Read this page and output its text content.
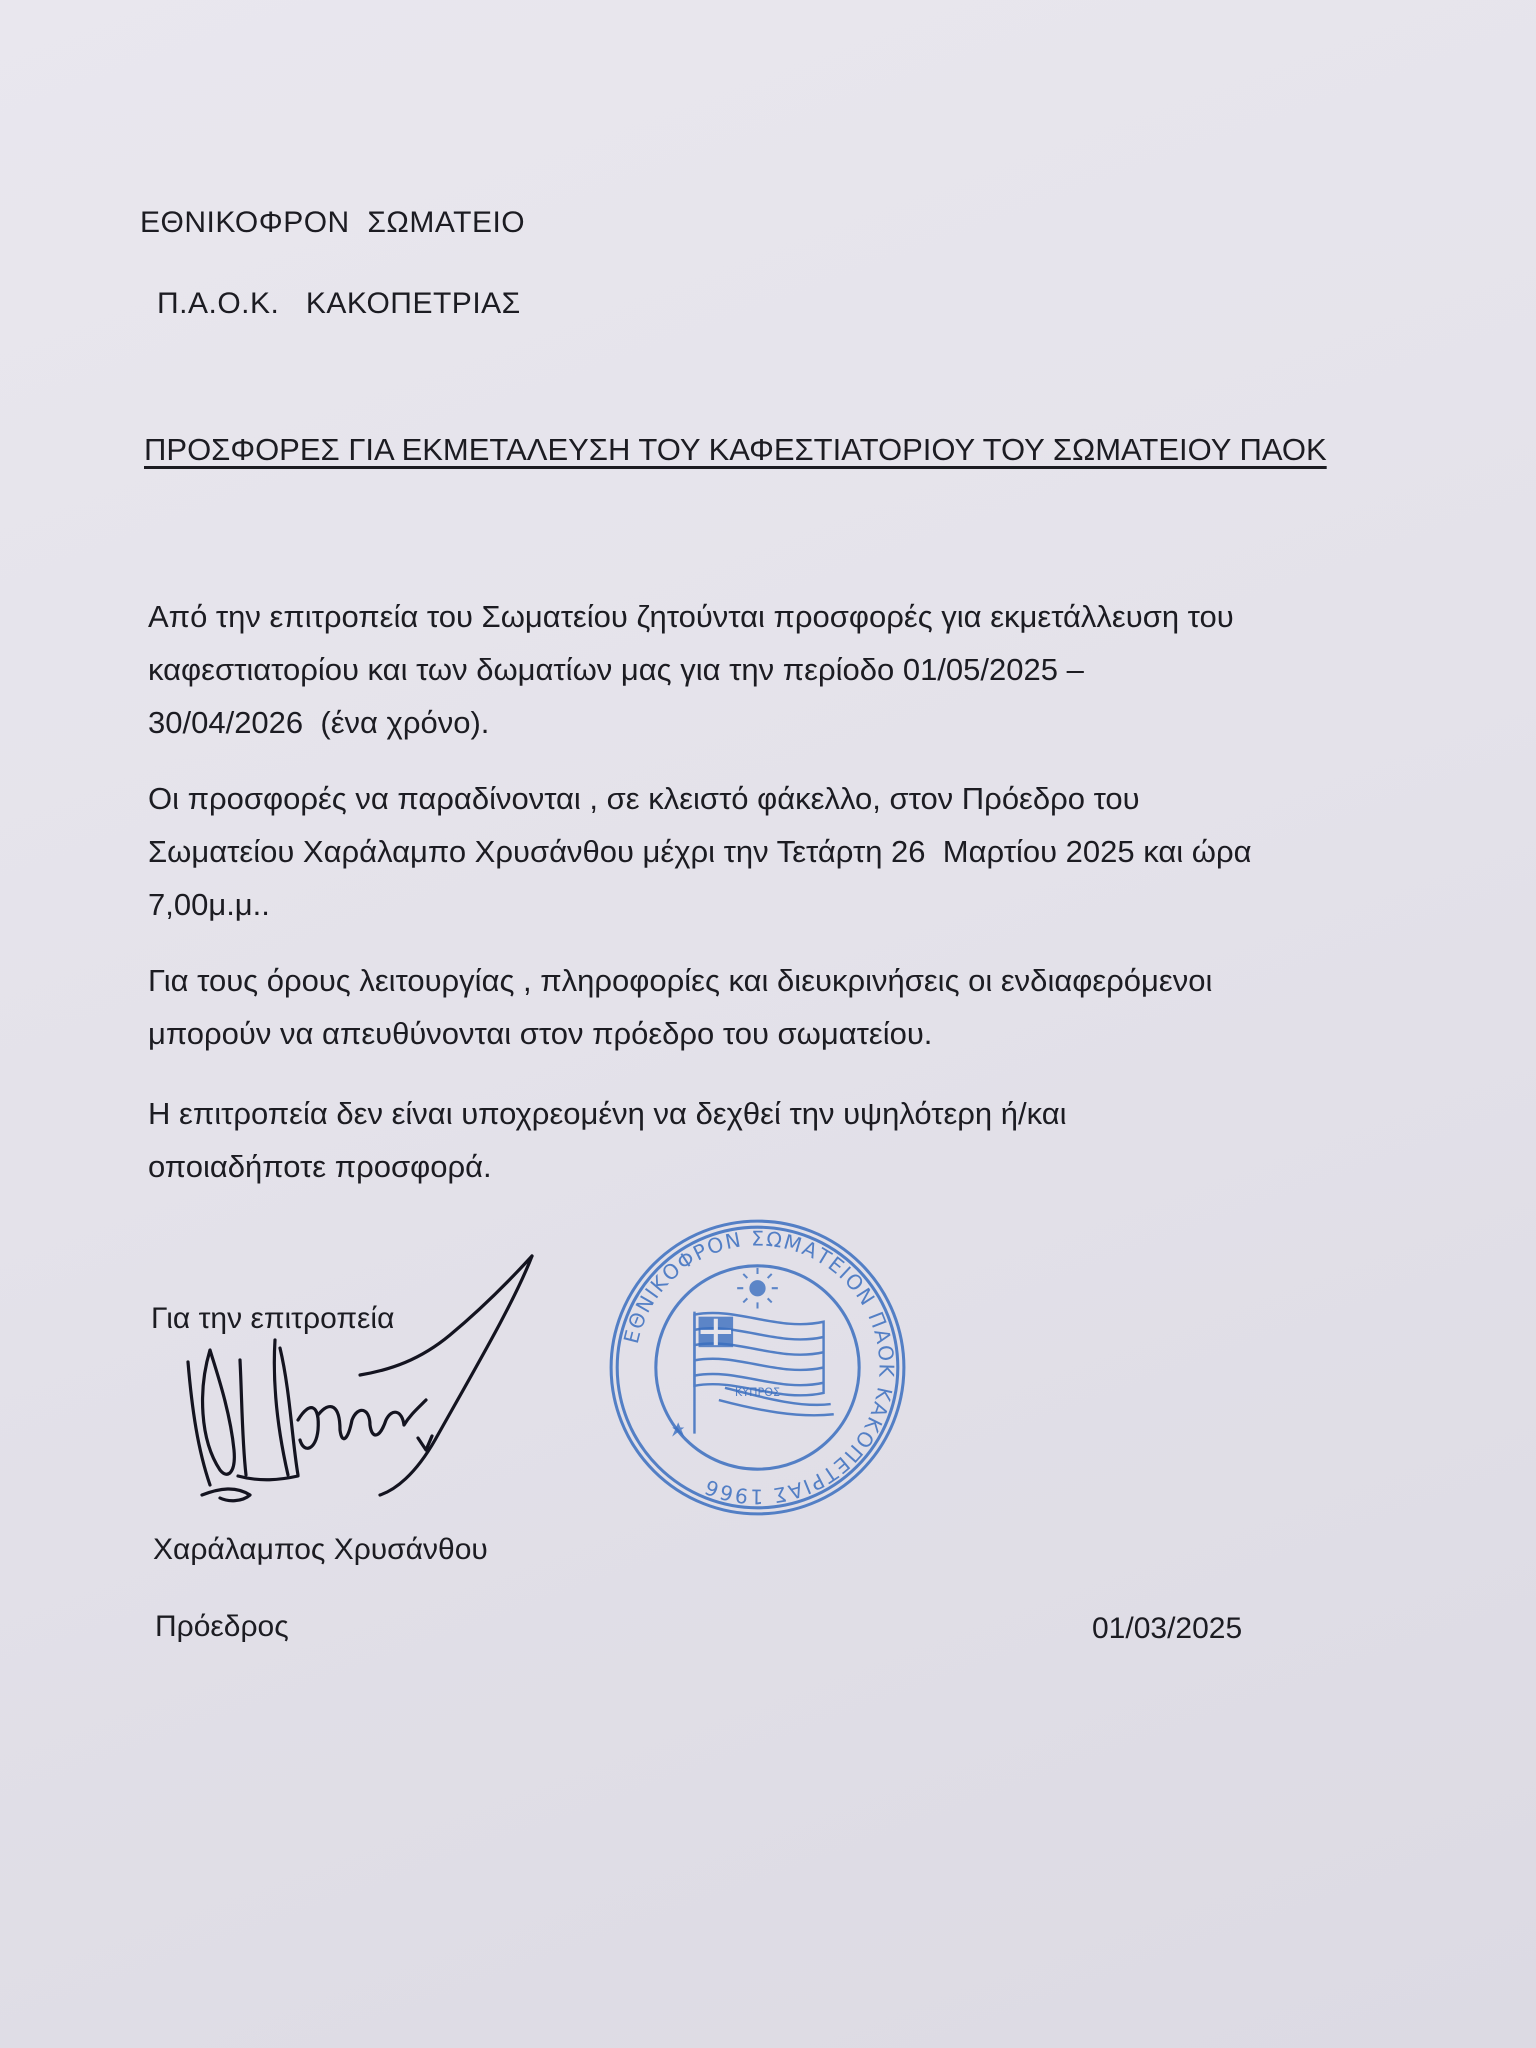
ΕΘΝΙΚΟΦΡΟΝ  ΣΩΜΑΤΕΙΟ
Π.Α.Ο.Κ.   ΚΑΚΟΠΕΤΡΙΑΣ
ΠΡΟΣΦΟΡΕΣ ΓΙΑ ΕΚΜΕΤΑΛΕΥΣΗ ΤΟΥ ΚΑΦΕΣΤΙΑΤΟΡΙΟΥ ΤΟΥ ΣΩΜΑΤΕΙΟΥ ΠΑΟΚ
Από την επιτροπεία του Σωματείου ζητούνται προσφορές για εκμετάλλευση του
καφεστιατορίου και των δωματίων μας για την περίοδο 01/05/2025 –
30/04/2026  (ένα χρόνο).
Οι προσφορές να παραδίνονται , σε κλειστό φάκελλο, στον Πρόεδρο του
Σωματείου Χαράλαμπο Χρυσάνθου μέχρι την Τετάρτη 26  Μαρτίου 2025 και ώρα
7,00μ.μ..
Για τους όρους λειτουργίας , πληροφορίες και διευκρινήσεις οι ενδιαφερόμενοι
μπορούν να απευθύνονται στον πρόεδρο του σωματείου.
Η επιτροπεία δεν είναι υποχρεομένη να δεχθεί την υψηλότερη ή/και
οποιαδήποτε προσφορά.
Για την επιτροπεία
ΕΘΝΙΚΟΦΡΟΝ ΣΩΜΑΤΕΙΟΝ ΠΑΟΚ ΚΑΚΟΠΕΤΡΙΑΣ 1966
ΚΥΠΡΟΣ
Χαράλαμπος Χρυσάνθου
Πρόεδρος	01/03/2025
